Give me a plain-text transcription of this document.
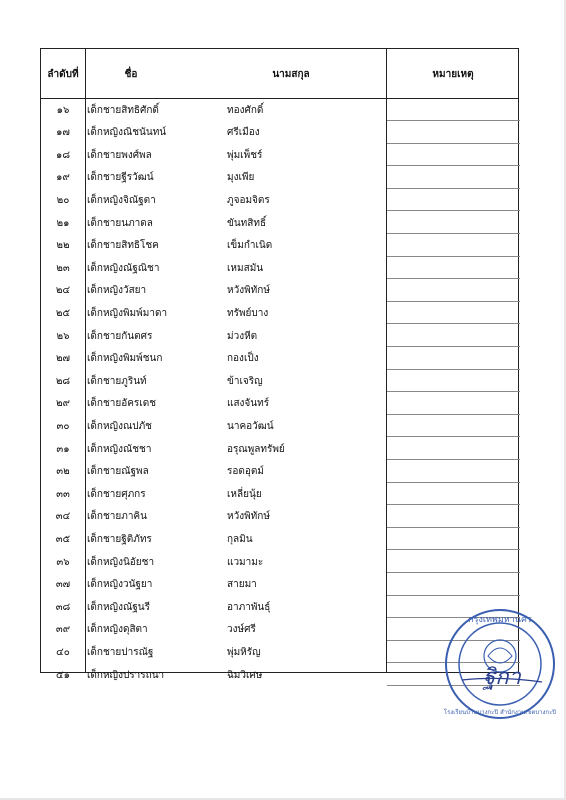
ลำดับที่	ชื่อ	นามสกุล	หมายเหตุ
๑๖	เด็กชายสิทธิศักดิ์	ทองศักดิ์
๑๗	เด็กหญิงณิชนันทน์	ศรีเมือง
๑๘	เด็กชายพงศ์พล	พุ่มเพ็ชร์
๑๙	เด็กชายฐีรวัฒน์	มุงเพีย
๒๐	เด็กหญิงจิณัฐตา	ภูจอมจิตร
๒๑	เด็กชายนภาดล	ขันทสิทธิ์
๒๒	เด็กชายสิทธิโชค	เข็มกำเนิด
๒๓	เด็กหญิงณัฐณิชา	เหมสมัน
๒๔	เด็กหญิงวัสยา	หวังพิทักษ์
๒๕	เด็กหญิงพิมพ์มาดา	ทรัพย์บาง
๒๖	เด็กชายกันตศร	ม่วงหีต
๒๗	เด็กหญิงพิมพ์ชนก	กองเป็ง
๒๘	เด็กชายภูรินท์	ข้าเจริญ
๒๙	เด็กชายอัครเดช	แสงจันทร์
๓๐	เด็กหญิงณปภัช	นาคอวัฒน์
๓๑	เด็กหญิงณัชชา	อรุณพูลทรัพย์
๓๒	เด็กชายณัฐพล	รอดอุตม์
๓๓	เด็กชายศุภกร	เหลี่ยนุ้ย
๓๔	เด็กชายภาคิน	หวังพิทักษ์
๓๕	เด็กชายฐิติภัทร	กุลมิน
๓๖	เด็กหญิงนิอัยชา	แวมามะ
๓๗	เด็กหญิงวนัฐยา	สายมา
๓๘	เด็กหญิงณัฐนรี	อาภาพันธุ์
๓๙	เด็กหญิงดุสิตา	วงษ์ศรี
๔๐	เด็กชายปารณัฐ	พุ่มหิรัญ
๔๑	เด็กหญิงปรารถนา	ฉิมวิเศษ
กรุงเทพมหานคร
โรงเรียนบ้านบางกะปิ สำนักงานเขตบางกะปิ
ฐิกา
